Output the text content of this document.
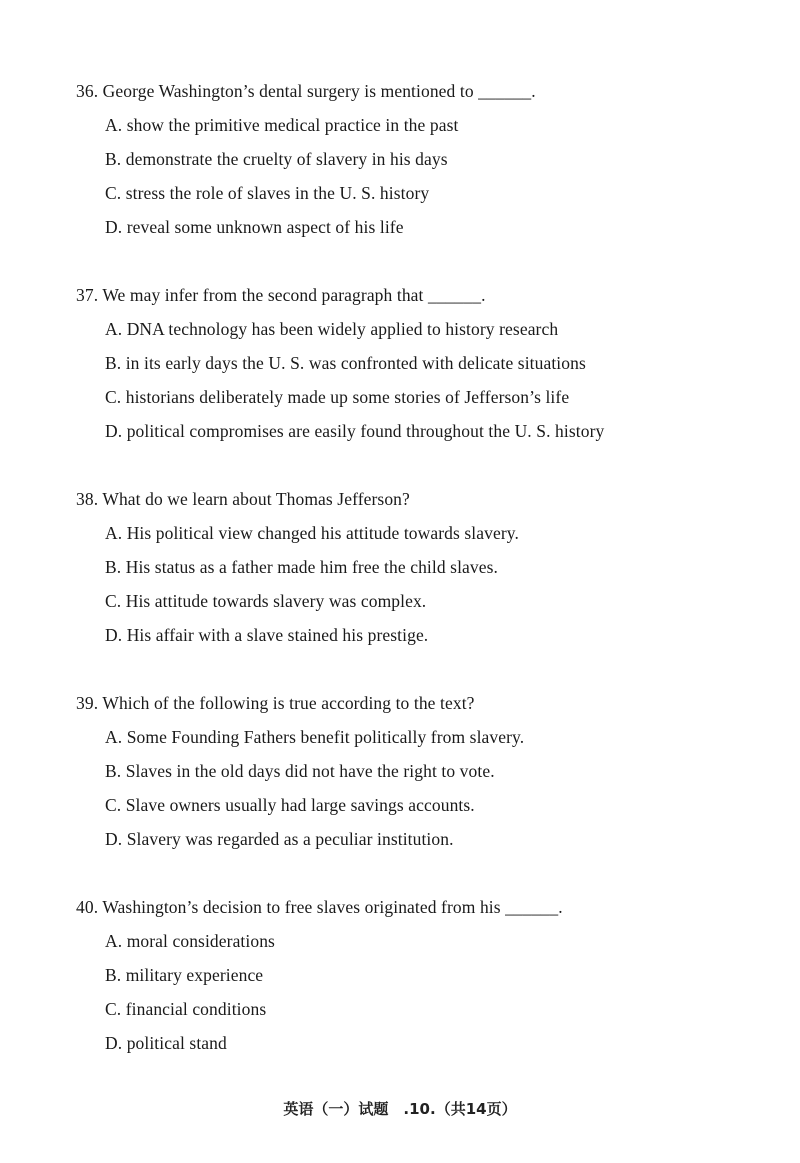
36. George Washington’s dental surgery is mentioned to ______.
A. show the primitive medical practice in the past
B. demonstrate the cruelty of slavery in his days
C. stress the role of slaves in the U. S. history
D. reveal some unknown aspect of his life
37. We may infer from the second paragraph that ______.
A. DNA technology has been widely applied to history research
B. in its early days the U. S. was confronted with delicate situations
C. historians deliberately made up some stories of Jefferson’s life
D. political compromises are easily found throughout the U. S. history
38. What do we learn about Thomas Jefferson?
A. His political view changed his attitude towards slavery.
B. His status as a father made him free the child slaves.
C. His attitude towards slavery was complex.
D. His affair with a slave stained his prestige.
39. Which of the following is true according to the text?
A. Some Founding Fathers benefit politically from slavery.
B. Slaves in the old days did not have the right to vote.
C. Slave owners usually had large savings accounts.
D. Slavery was regarded as a peculiar institution.
40. Washington’s decision to free slaves originated from his ______.
A. moral considerations
B. military experience
C. financial conditions
D. political stand
英语（一）试题　.10.（共14页）
